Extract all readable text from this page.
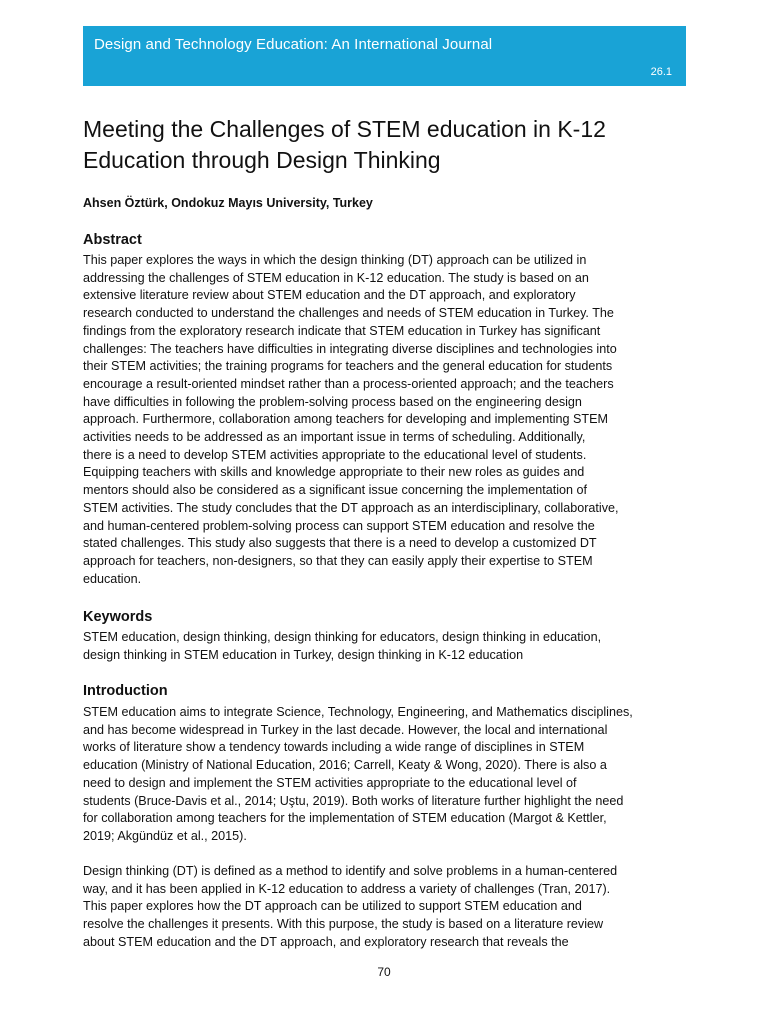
Design and Technology Education: An International Journal
26.1
Meeting the Challenges of STEM education in K-12
Education through Design Thinking
Ahsen Öztürk, Ondokuz Mayıs University, Turkey
Abstract
This paper explores the ways in which the design thinking (DT) approach can be utilized in
addressing the challenges of STEM education in K-12 education. The study is based on an
extensive literature review about STEM education and the DT approach, and exploratory
research conducted to understand the challenges and needs of STEM education in Turkey. The
findings from the exploratory research indicate that STEM education in Turkey has significant
challenges: The teachers have difficulties in integrating diverse disciplines and technologies into
their STEM activities; the training programs for teachers and the general education for students
encourage a result-oriented mindset rather than a process-oriented approach; and the teachers
have difficulties in following the problem-solving process based on the engineering design
approach. Furthermore, collaboration among teachers for developing and implementing STEM
activities needs to be addressed as an important issue in terms of scheduling. Additionally,
there is a need to develop STEM activities appropriate to the educational level of students.
Equipping teachers with skills and knowledge appropriate to their new roles as guides and
mentors should also be considered as a significant issue concerning the implementation of
STEM activities. The study concludes that the DT approach as an interdisciplinary, collaborative,
and human-centered problem-solving process can support STEM education and resolve the
stated challenges. This study also suggests that there is a need to develop a customized DT
approach for teachers, non-designers, so that they can easily apply their expertise to STEM
education.
Keywords
STEM education, design thinking, design thinking for educators, design thinking in education,
design thinking in STEM education in Turkey, design thinking in K-12 education
Introduction
STEM education aims to integrate Science, Technology, Engineering, and Mathematics disciplines,
and has become widespread in Turkey in the last decade. However, the local and international
works of literature show a tendency towards including a wide range of disciplines in STEM
education (Ministry of National Education, 2016; Carrell, Keaty & Wong, 2020). There is also a
need to design and implement the STEM activities appropriate to the educational level of
students (Bruce-Davis et al., 2014; Uştu, 2019). Both works of literature further highlight the need
for collaboration among teachers for the implementation of STEM education (Margot & Kettler,
2019; Akgündüz et al., 2015).
Design thinking (DT) is defined as a method to identify and solve problems in a human-centered
way, and it has been applied in K-12 education to address a variety of challenges (Tran, 2017).
This paper explores how the DT approach can be utilized to support STEM education and
resolve the challenges it presents. With this purpose, the study is based on a literature review
about STEM education and the DT approach, and exploratory research that reveals the
70
